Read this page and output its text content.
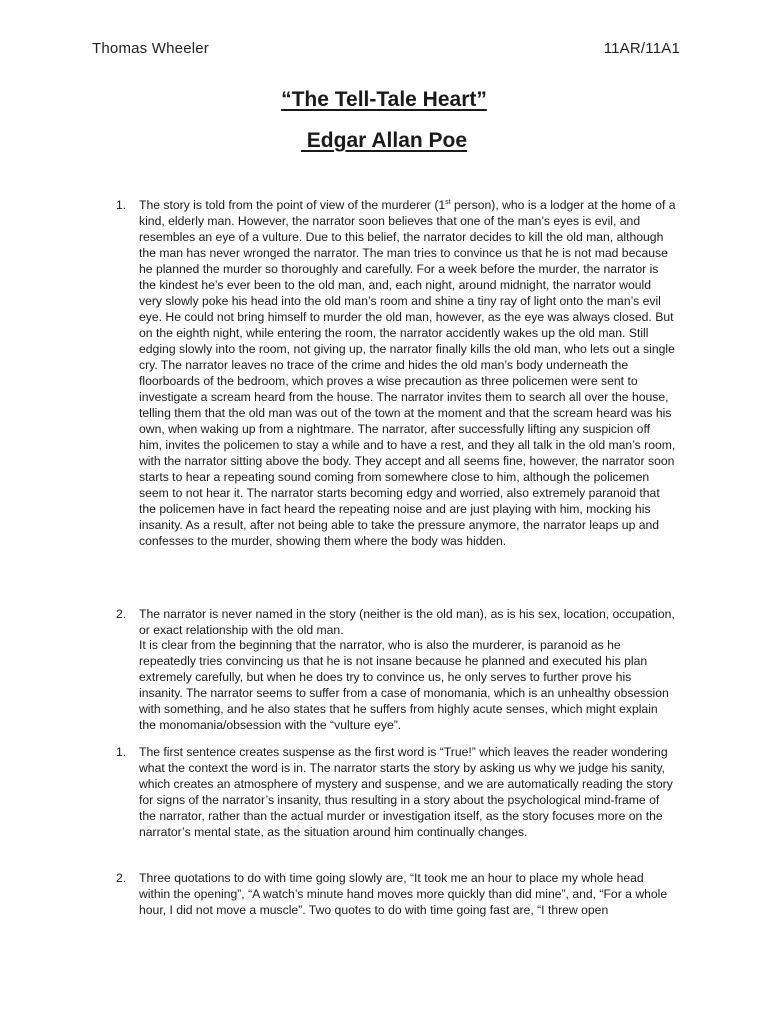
Thomas Wheeler	11AR/11A1
“The Tell-Tale Heart”
Edgar Allan Poe
1.	The story is told from the point of view of the murderer (1st person), who is a lodger at the home of a kind, elderly man. However, the narrator soon believes that one of the man’s eyes is evil, and resembles an eye of a vulture. Due to this belief, the narrator decides to kill the old man, although the man has never wronged the narrator. The man tries to convince us that he is not mad because he planned the murder so thoroughly and carefully. For a week before the murder, the narrator is the kindest he’s ever been to the old man, and, each night, around midnight, the narrator would very slowly poke his head into the old man’s room and shine a tiny ray of light onto the man’s evil eye. He could not bring himself to murder the old man, however, as the eye was always closed. But on the eighth night, while entering the room, the narrator accidently wakes up the old man. Still edging slowly into the room, not giving up, the narrator finally kills the old man, who lets out a single cry. The narrator leaves no trace of the crime and hides the old man’s body underneath the floorboards of the bedroom, which proves a wise precaution as three policemen were sent to investigate a scream heard from the house. The narrator invites them to search all over the house, telling them that the old man was out of the town at the moment and that the scream heard was his own, when waking up from a nightmare. The narrator, after successfully lifting any suspicion off him, invites the policemen to stay a while and to have a rest, and they all talk in the old man’s room, with the narrator sitting above the body. They accept and all seems fine, however, the narrator soon starts to hear a repeating sound coming from somewhere close to him, although the policemen seem to not hear it. The narrator starts becoming edgy and worried, also extremely paranoid that the policemen have in fact heard the repeating noise and are just playing with him, mocking his insanity. As a result, after not being able to take the pressure anymore, the narrator leaps up and confesses to the murder, showing them where the body was hidden.

2.	The narrator is never named in the story (neither is the old man), as is his sex, location, occupation, or exact relationship with the old man.

It is clear from the beginning that the narrator, who is also the murderer, is paranoid as he repeatedly tries convincing us that he is not insane because he planned and executed his plan extremely carefully, but when he does try to convince us, he only serves to further prove his insanity. The narrator seems to suffer from a case of monomania, which is an unhealthy obsession with something, and he also states that he suffers from highly acute senses, which might explain the monomania/obsession with the “vulture eye”.

1.	The first sentence creates suspense as the first word is “True!” which leaves the reader wondering what the context the word is in. The narrator starts the story by asking us why we judge his sanity, which creates an atmosphere of mystery and suspense, and we are automatically reading the story for signs of the narrator’s insanity, thus resulting in a story about the psychological mind-frame of the narrator, rather than the actual murder or investigation itself, as the story focuses more on the narrator’s mental state, as the situation around him continually changes.

2.	Three quotations to do with time going slowly are, “It took me an hour to place my whole head within the opening”, “A watch’s minute hand moves more quickly than did mine”, and, “For a whole hour, I did not move a muscle”. Two quotes to do with time going fast are, “I threw open
